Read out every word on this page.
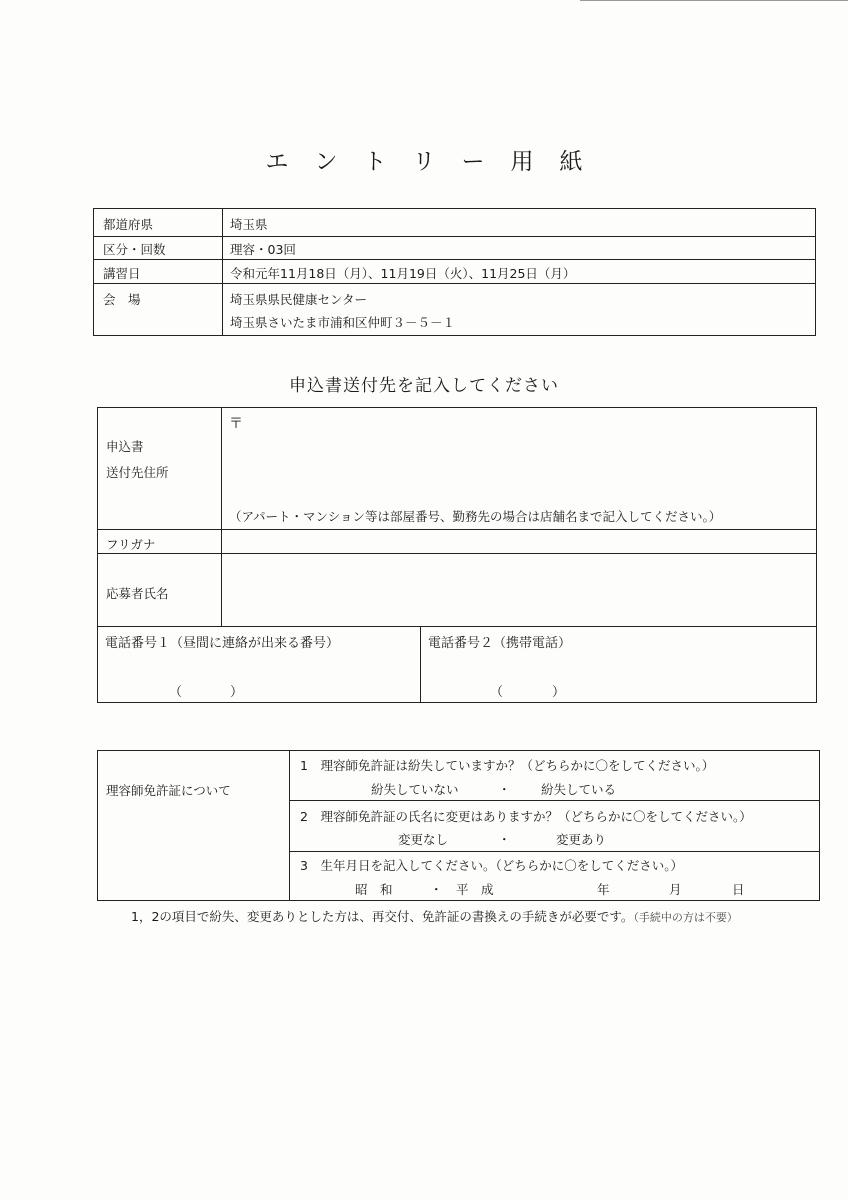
エントリー用紙
都道府県	埼玉県
区分・回数	理容・03回
講習日	令和元年11月18日（月）、11月19日（火）、11月25日（月）
会　場	埼玉県県民健康センター
埼玉県さいたま市浦和区仲町３－５－１
申込書送付先を記入してください
申込書
送付先住所
〒
（アパート・マンション等は部屋番号、勤務先の場合は店舗名まで記入してください。）
フリガナ
応募者氏名
電話番号１（昼間に連絡が出来る番号）
（	）
電話番号２（携帯電話）
（	）
理容師免許証について
1　理容師免許証は紛失していますか？（どちらかに〇をしてください。）
紛失していない	・ 紛失している
2　理容師免許証の氏名に変更はありますか？（どちらかに〇をしてください。）
変更なし	・	変更あり
3　生年月日を記入してください。（どちらかに〇をしてください。）
昭　和	・ 平　成	年	月	日
1，2の項目で紛失、変更ありとした方は、再交付、免許証の書換えの手続きが必要です。（手続中の方は不要）
